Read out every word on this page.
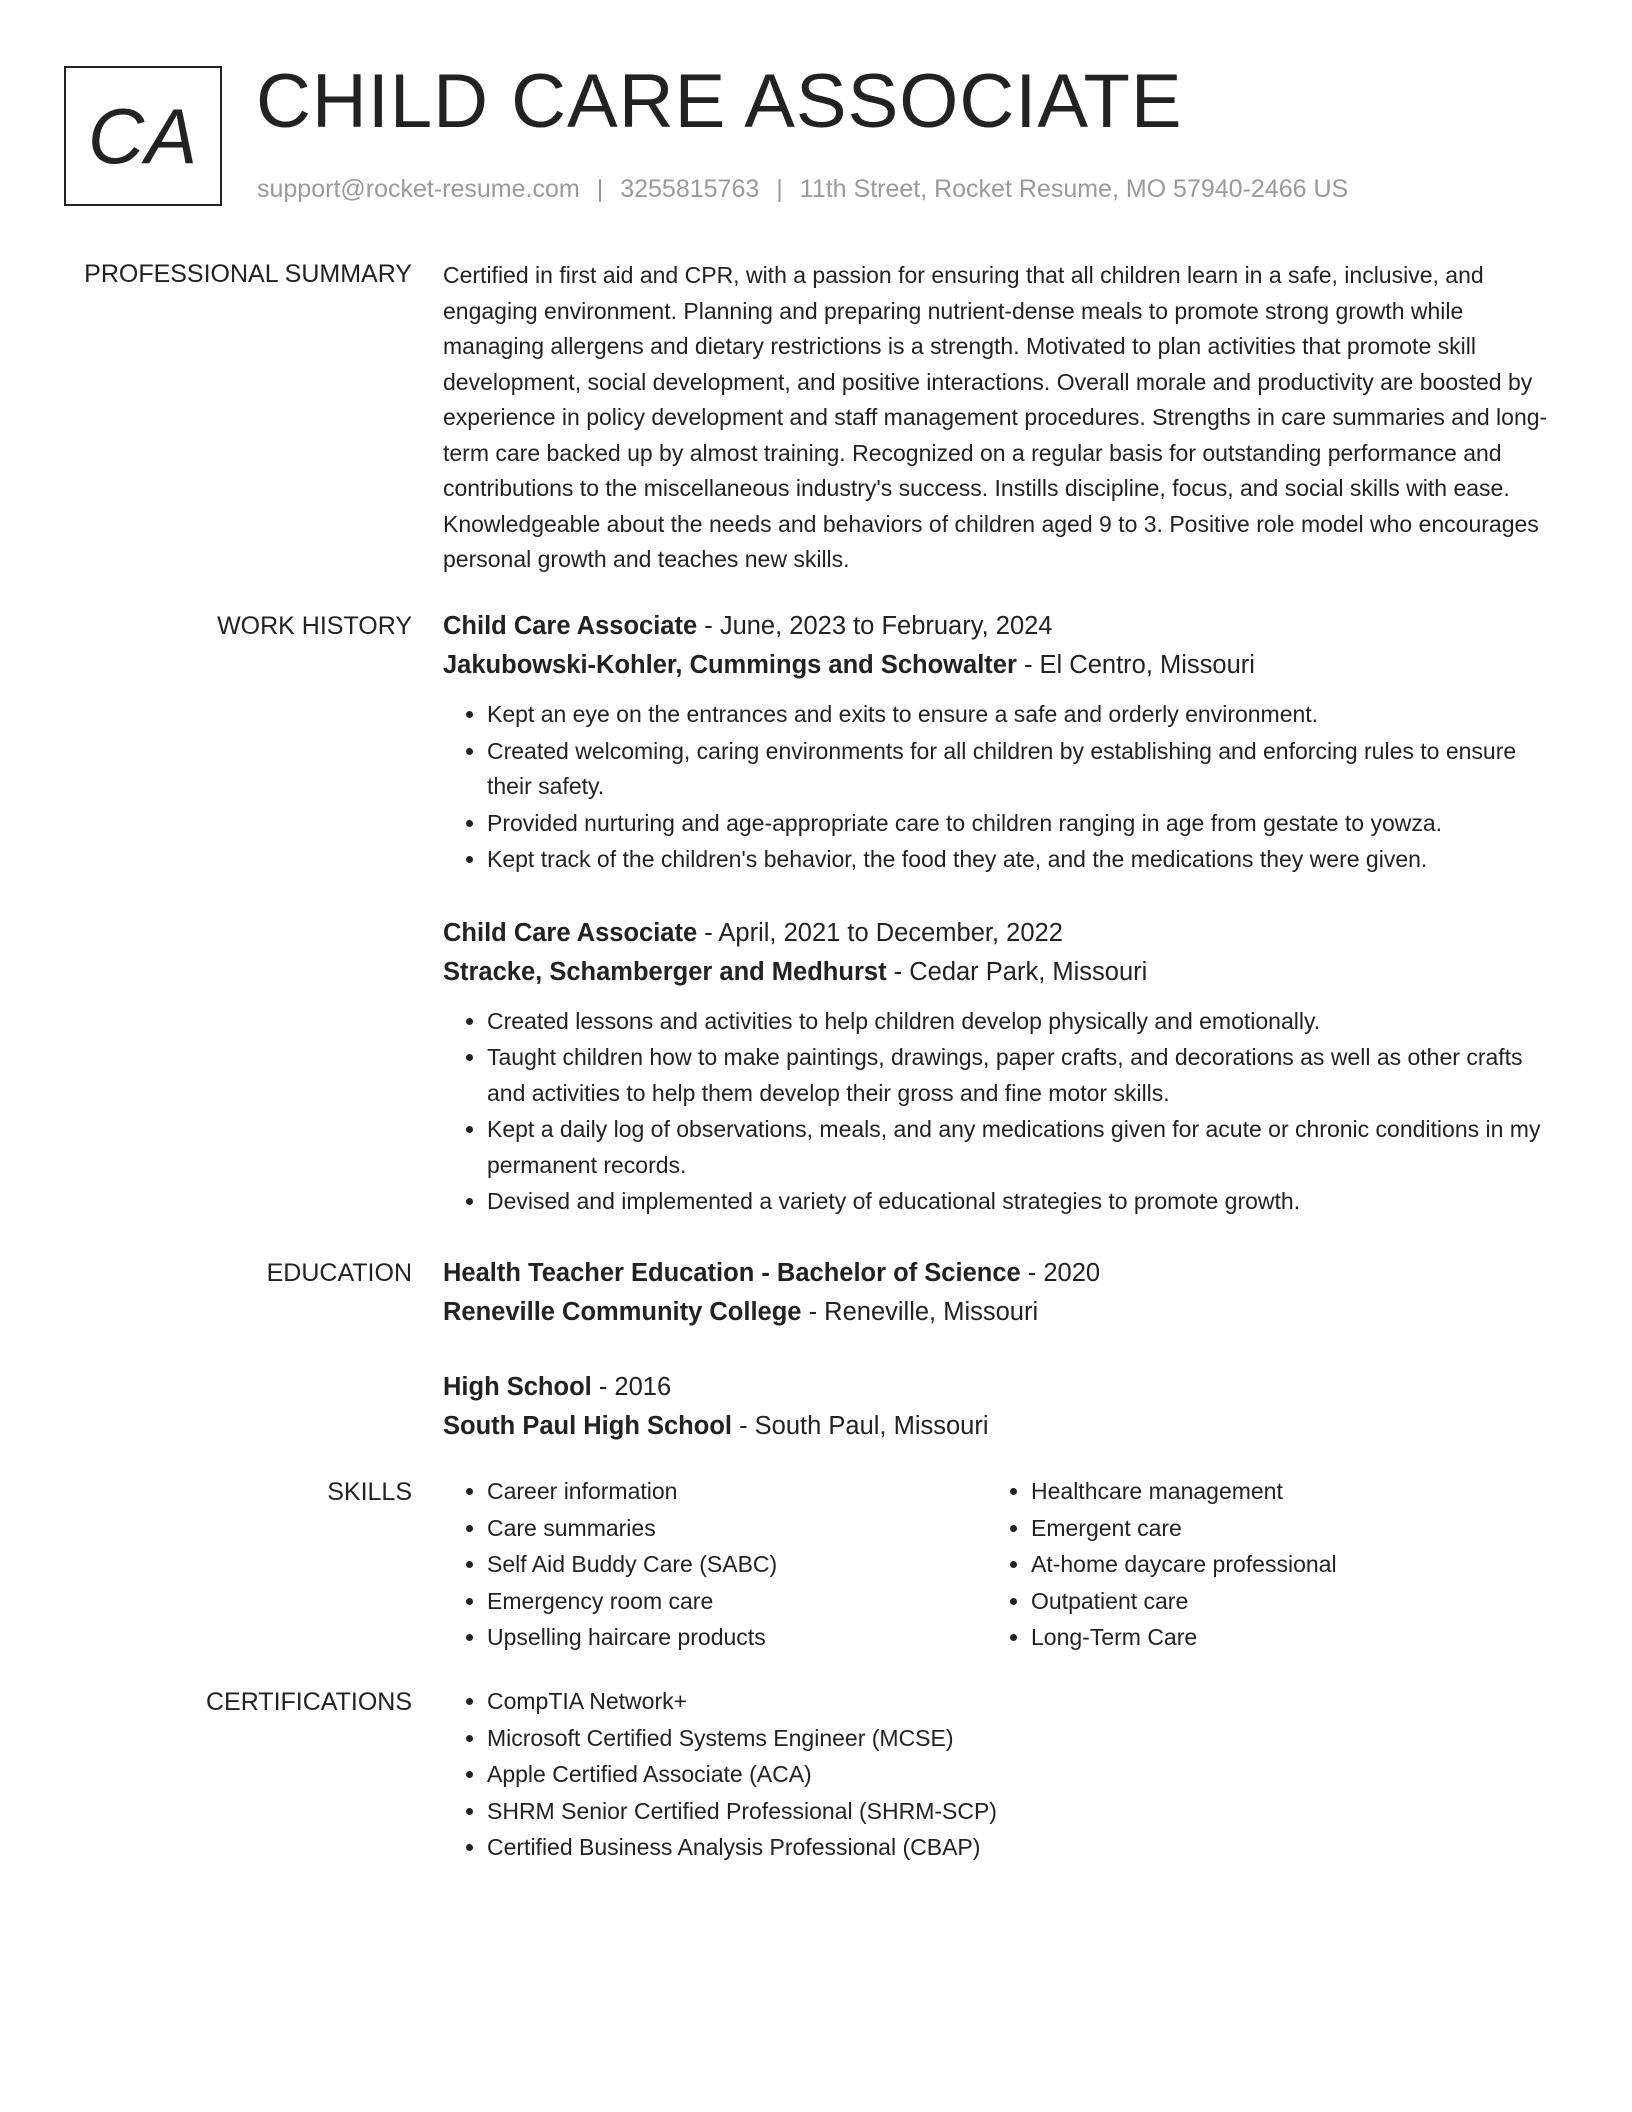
CA CHILD CARE ASSOCIATE
support@rocket-resume.com | 3255815763 | 11th Street, Rocket Resume, MO 57940-2466 US
PROFESSIONAL SUMMARY Certified in first aid and CPR, with a passion for ensuring that all children learn in a safe, inclusive, and engaging environment. Planning and preparing nutrient-dense meals to promote strong growth while managing allergens and dietary restrictions is a strength. Motivated to plan activities that promote skill development, social development, and positive interactions. Overall morale and productivity are boosted by experience in policy development and staff management procedures. Strengths in care summaries and long-term care backed up by almost training. Recognized on a regular basis for outstanding performance and contributions to the miscellaneous industry's success. Instills discipline, focus, and social skills with ease. Knowledgeable about the needs and behaviors of children aged 9 to 3. Positive role model who encourages personal growth and teaches new skills.

WORK HISTORY Child Care Associate - June, 2023 to February, 2024
Jakubowski-Kohler, Cummings and Schowalter - El Centro, Missouri
• Kept an eye on the entrances and exits to ensure a safe and orderly environment.
• Created welcoming, caring environments for all children by establishing and enforcing rules to ensure their safety.
• Provided nurturing and age-appropriate care to children ranging in age from gestate to yowza.
• Kept track of the children's behavior, the food they ate, and the medications they were given.
Child Care Associate - April, 2021 to December, 2022
Stracke, Schamberger and Medhurst - Cedar Park, Missouri
• Created lessons and activities to help children develop physically and emotionally.
• Taught children how to make paintings, drawings, paper crafts, and decorations as well as other crafts and activities to help them develop their gross and fine motor skills.
• Kept a daily log of observations, meals, and any medications given for acute or chronic conditions in my permanent records.
• Devised and implemented a variety of educational strategies to promote growth.
EDUCATION Health Teacher Education - Bachelor of Science - 2020
Reneville Community College - Reneville, Missouri
High School - 2016
South Paul High School - South Paul, Missouri
SKILLS	• Career information
• Care summaries
• Self Aid Buddy Care (SABC)
• Emergency room care
• Upselling haircare products
• Healthcare management
• Emergent care
• At-home daycare professional
• Outpatient care
• Long-Term Care
CERTIFICATIONS	• CompTIA Network+
• Microsoft Certified Systems Engineer (MCSE)
• Apple Certified Associate (ACA)
• SHRM Senior Certified Professional (SHRM-SCP)
• Certified Business Analysis Professional (CBAP)
